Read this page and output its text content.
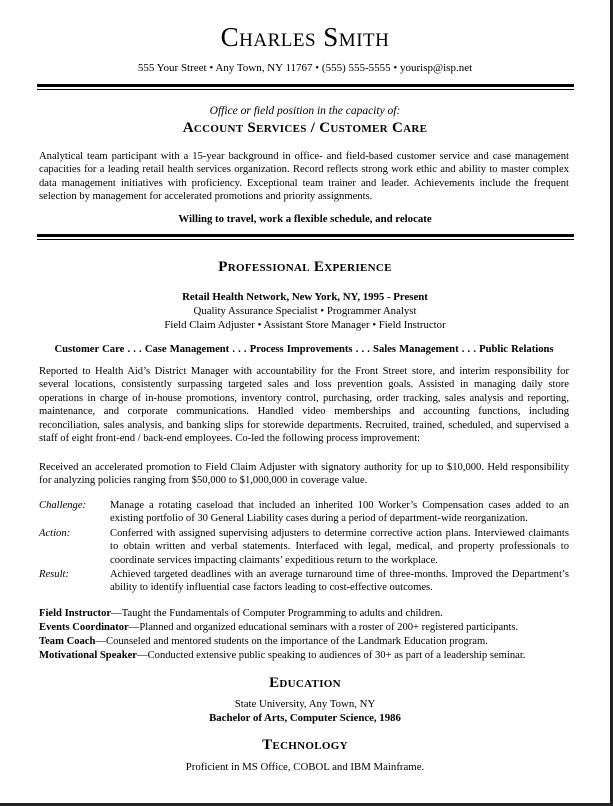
Charles Smith
555 Your Street • Any Town, NY 11767 • (555) 555-5555 • yourisp@isp.net
Office or field position in the capacity of:
Account Services / Customer Care
Analytical team participant with a 15-year background in office- and field-based customer service and case management capacities for a leading retail health services organization. Record reflects strong work ethic and ability to master complex data management initiatives with proficiency. Exceptional team trainer and leader. Achievements include the frequent selection by management for accelerated promotions and priority assignments.
Willing to travel, work a flexible schedule, and relocate
Professional Experience
Retail Health Network, New York, NY, 1995 - Present
Quality Assurance Specialist • Programmer Analyst
Field Claim Adjuster • Assistant Store Manager • Field Instructor
Customer Care . . . Case Management . . . Process Improvements . . . Sales Management . . . Public Relations
Reported to Health Aid’s District Manager with accountability for the Front Street store, and interim responsibility for several locations, consistently surpassing targeted sales and loss prevention goals. Assisted in managing daily store operations in charge of in-house promotions, inventory control, purchasing, order tracking, sales analysis and reporting, maintenance, and corporate communications. Handled video memberships and accounting functions, including reconciliation, sales analysis, and banking slips for storewide departments. Recruited, trained, scheduled, and supervised a staff of eight front-end / back-end employees. Co-led the following process improvement:
Received an accelerated promotion to Field Claim Adjuster with signatory authority for up to $10,000. Held responsibility for analyzing policies ranging from $50,000 to $1,000,000 in coverage value.
Challenge:	Manage a rotating caseload that included an inherited 100 Worker’s Compensation cases added to an existing portfolio of 30 General Liability cases during a period of department-wide reorganization.
Action:	Conferred with assigned supervising adjusters to determine corrective action plans. Interviewed claimants to obtain written and verbal statements. Interfaced with legal, medical, and property professionals to coordinate services impacting claimants’ expeditious return to the workplace.
Result:	Achieved targeted deadlines with an average turnaround time of three-months. Improved the Department’s ability to identify influential case factors leading to cost-effective outcomes.
Field Instructor—Taught the Fundamentals of Computer Programming to adults and children.
Events Coordinator—Planned and organized educational seminars with a roster of 200+ registered participants.
Team Coach—Counseled and mentored students on the importance of the Landmark Education program.
Motivational Speaker—Conducted extensive public speaking to audiences of 30+ as part of a leadership seminar.
Education
State University, Any Town, NY
Bachelor of Arts, Computer Science, 1986
Technology
Proficient in MS Office, COBOL and IBM Mainframe.
